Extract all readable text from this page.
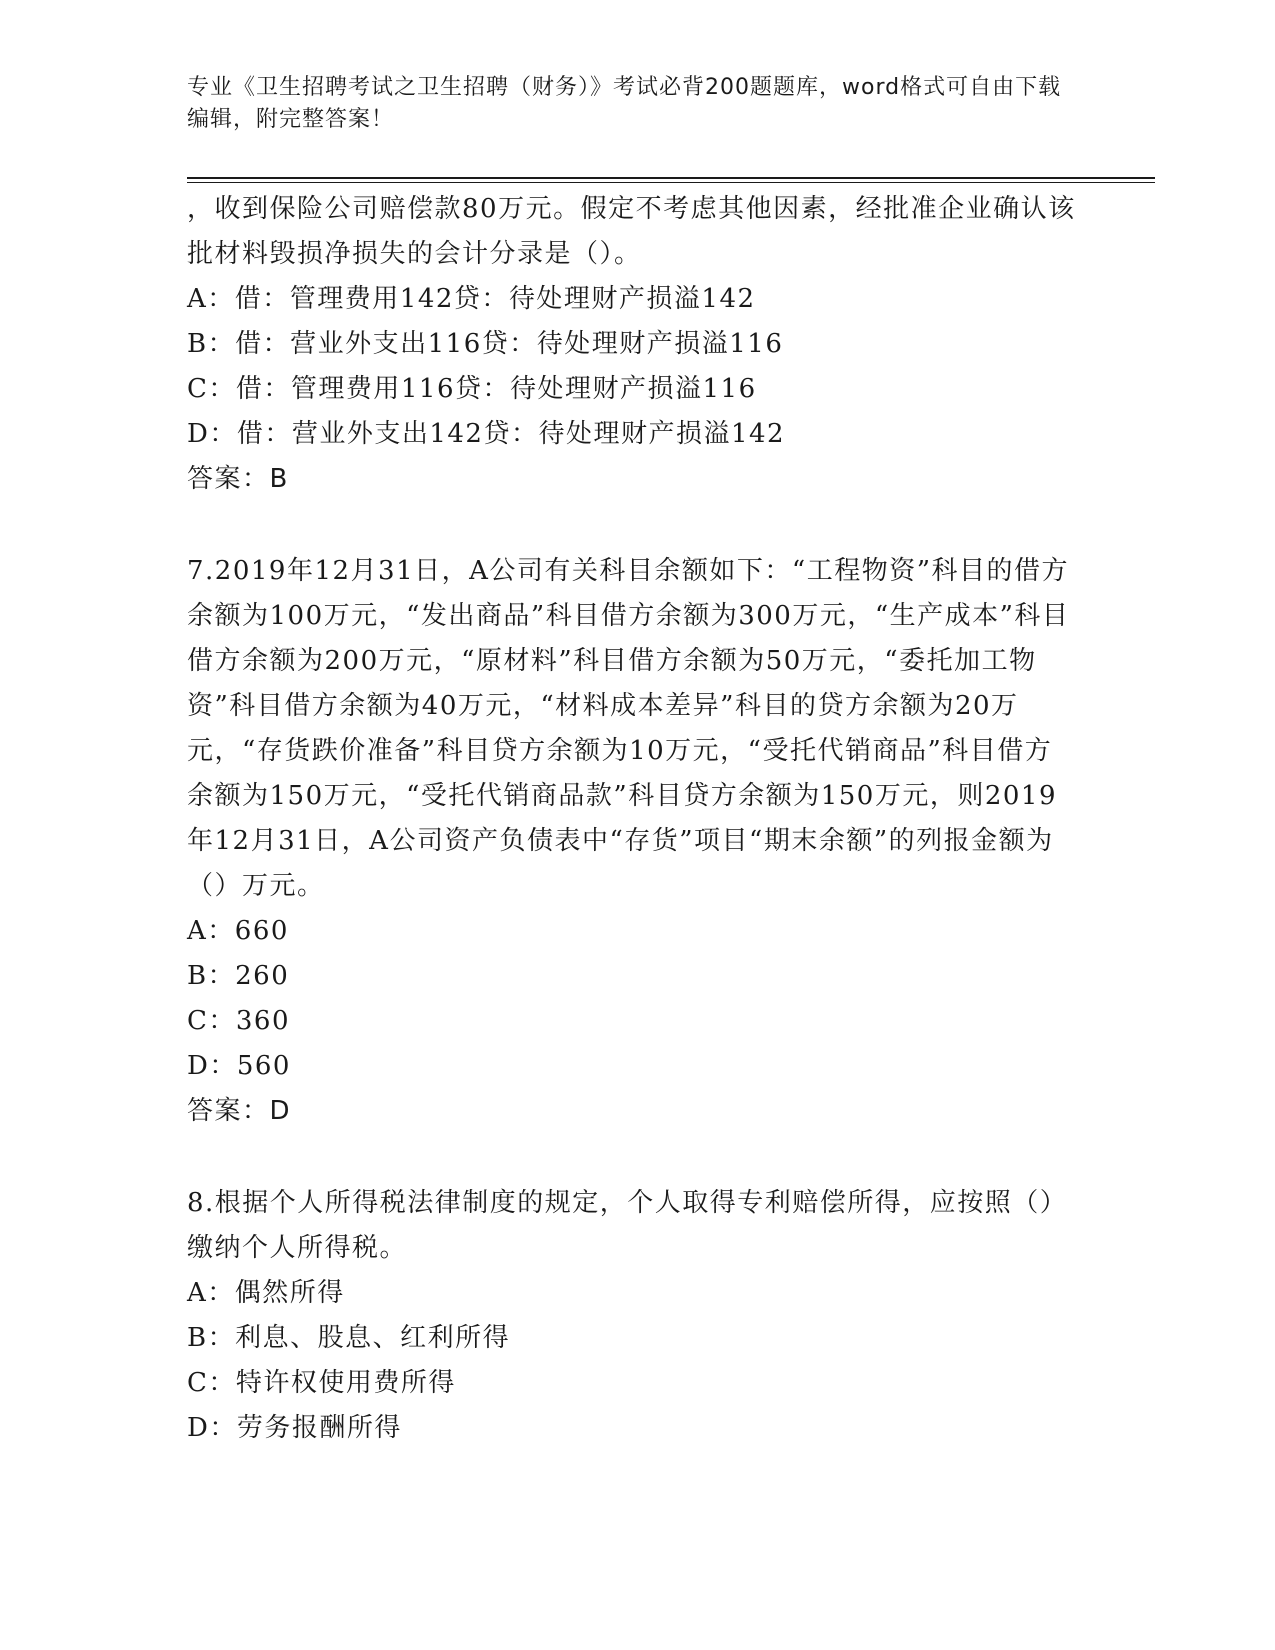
专业《卫生招聘考试之卫生招聘（财务）》考试必背200题题库，word格式可自由下载编辑，附完整答案！

，收到保险公司赔偿款80万元。假定不考虑其他因素，经批准企业确认该批材料毁损净损失的会计分录是（）。

A：借：管理费用142贷：待处理财产损溢142

B：借：营业外支出116贷：待处理财产损溢116

C：借：管理费用116贷：待处理财产损溢116

D：借：营业外支出142贷：待处理财产损溢142

答案：B

7.2019年12月31日，A公司有关科目余额如下：“工程物资”科目的借方余额为100万元，“发出商品”科目借方余额为300万元，“生产成本”科目借方余额为200万元，“原材料”科目借方余额为50万元，“委托加工物资”科目借方余额为40万元，“材料成本差异”科目的贷方余额为20万元，“存货跌价准备”科目贷方余额为10万元，“受托代销商品”科目借方余额为150万元，“受托代销商品款”科目贷方余额为150万元，则2019年12月31日，A公司资产负债表中“存货”项目“期末余额”的列报金额为（）万元。

A：660

B：260

C：360

D：560

答案：D

8.根据个人所得税法律制度的规定，个人取得专利赔偿所得，应按照（）缴纳个人所得税。

A：偶然所得

B：利息、股息、红利所得

C：特许权使用费所得

D：劳务报酬所得
